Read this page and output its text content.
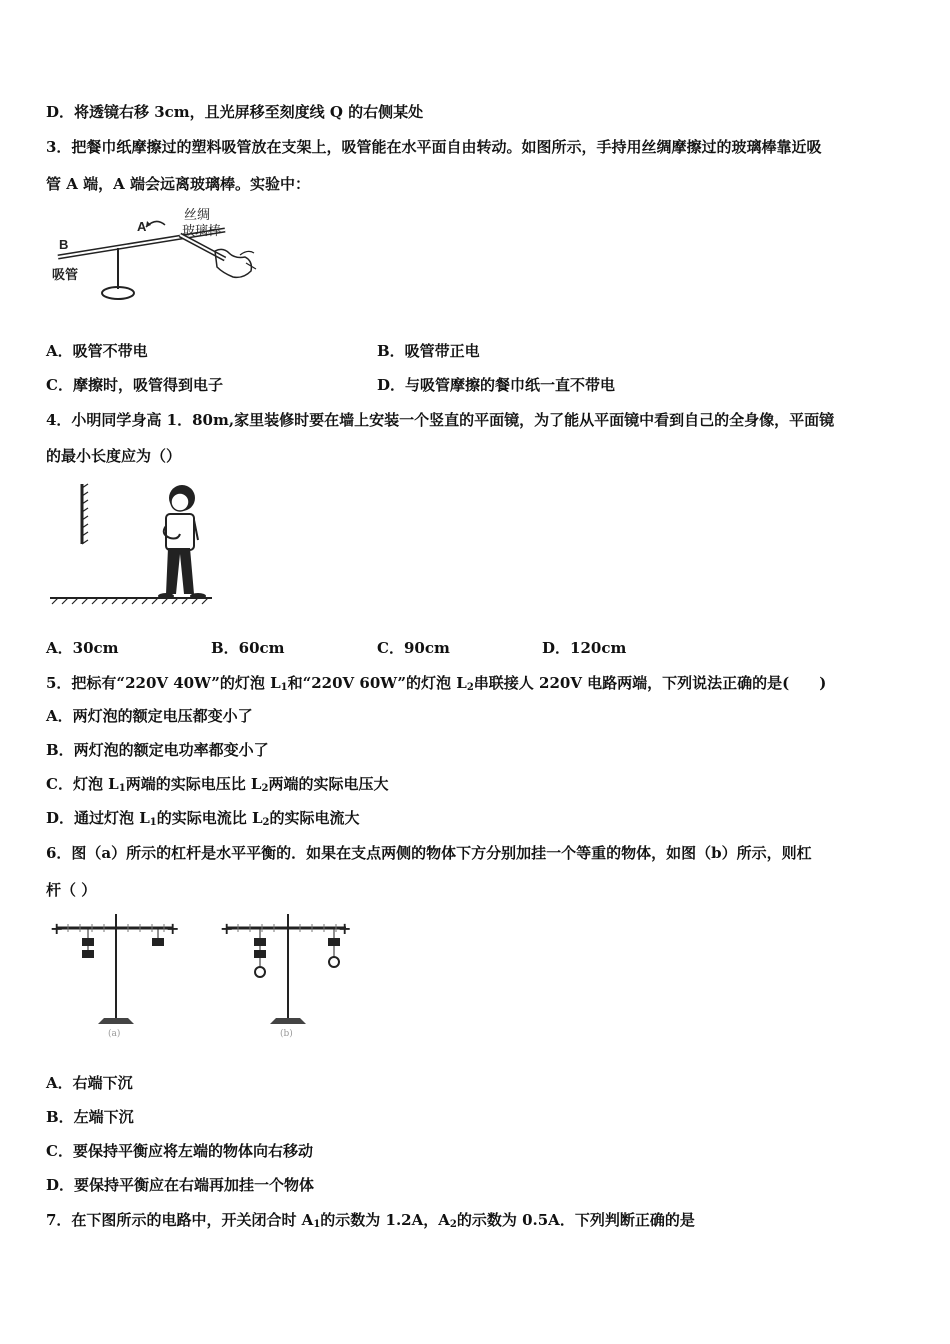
D．将透镜右移 3cm，且光屏移至刻度线 Q 的右侧某处
3．把餐巾纸摩擦过的塑料吸管放在支架上，吸管能在水平面自由转动。如图所示，手持用丝绸摩擦过的玻璃棒靠近吸
管 A 端，A 端会远离玻璃棒。实验中：
B
A
吸管
丝绸
玻璃棒
A．吸管不带电	B．吸管带正电
C．摩擦时，吸管得到电子	D．与吸管摩擦的餐巾纸一直不带电
4．小明同学身高 1．80m,家里装修时要在墙上安装一个竖直的平面镜，为了能从平面镜中看到自己的全身像，平面镜
的最小长度应为（）
A．30cm	B．60cm	C．90cm	D．120cm
5．把标有“220V 40W”的灯泡 $L_1$和“220V 60W”的灯泡 $L_2$串联接人 220V 电路两端，下列说法正确的是(　　)
A．两灯泡的额定电压都变小了
B．两灯泡的额定电功率都变小了
C．灯泡 $L_1$两端的实际电压比 $L_2$两端的实际电压大
D．通过灯泡 $L_1$的实际电流比 $L_2$的实际电流大
6．图（a）所示的杠杆是水平平衡的．如果在支点两侧的物体下方分别加挂一个等重的物体，如图（b）所示，则杠
杆（ ）
+	+
(a)
+	+
(b)
A．右端下沉
B．左端下沉
C．要保持平衡应将左端的物体向右移动
D．要保持平衡应在右端再加挂一个物体
7．在下图所示的电路中，开关闭合时 $A_1$的示数为 1.2A，$A_2$的示数为 0.5A．下列判断正确的是
